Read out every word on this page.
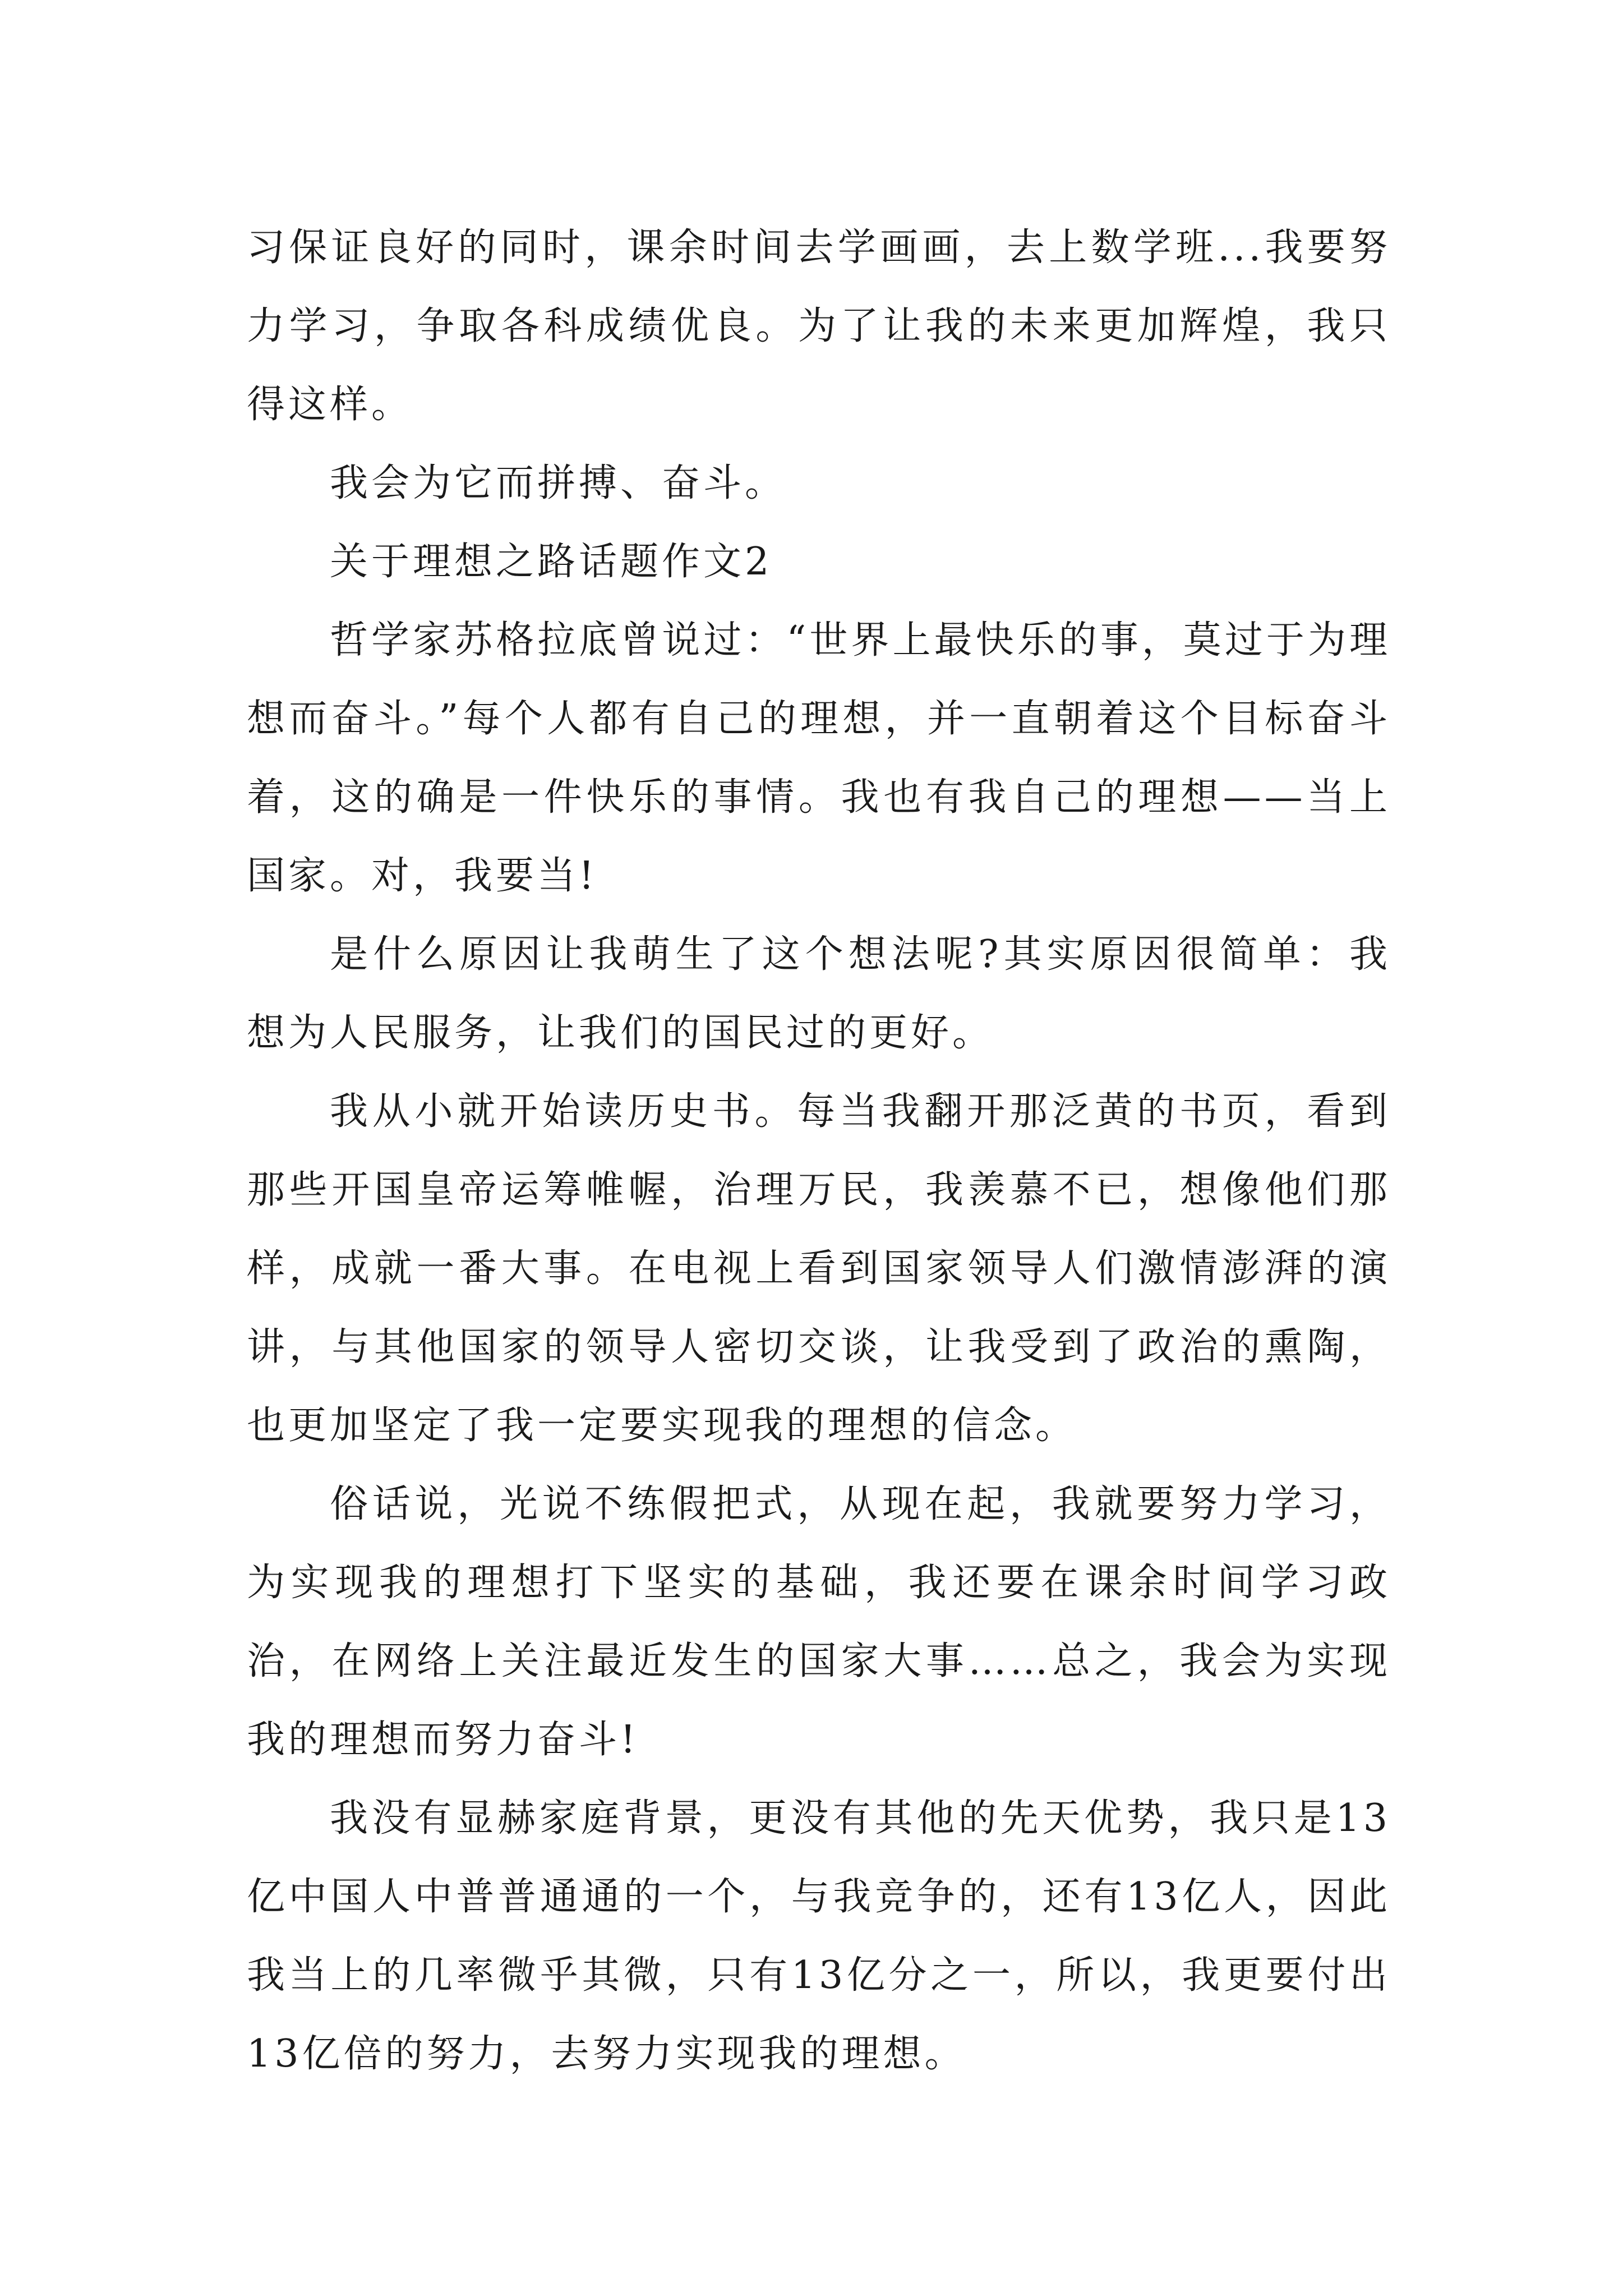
习保证良好的同时，课余时间去学画画，去上数学班...我要努力学习，争取各科成绩优良。为了让我的未来更加辉煌，我只得这样。

我会为它而拼搏、奋斗。

关于理想之路话题作文2

哲学家苏格拉底曾说过：“世界上最快乐的事，莫过于为理想而奋斗。”每个人都有自己的理想，并一直朝着这个目标奋斗着，这的确是一件快乐的事情。我也有我自己的理想——当上国家。对，我要当!

是什么原因让我萌生了这个想法呢?其实原因很简单：我想为人民服务，让我们的国民过的更好。

我从小就开始读历史书。每当我翻开那泛黄的书页，看到那些开国皇帝运筹帷幄，治理万民，我羡慕不已，想像他们那样，成就一番大事。在电视上看到国家领导人们激情澎湃的演讲，与其他国家的领导人密切交谈，让我受到了政治的熏陶，也更加坚定了我一定要实现我的理想的信念。

俗话说，光说不练假把式，从现在起，我就要努力学习，为实现我的理想打下坚实的基础，我还要在课余时间学习政治，在网络上关注最近发生的国家大事……总之，我会为实现我的理想而努力奋斗!

我没有显赫家庭背景，更没有其他的先天优势，我只是13亿中国人中普普通通的一个，与我竞争的，还有13亿人，因此我当上的几率微乎其微，只有13亿分之一，所以，我更要付出13亿倍的努力，去努力实现我的理想。
